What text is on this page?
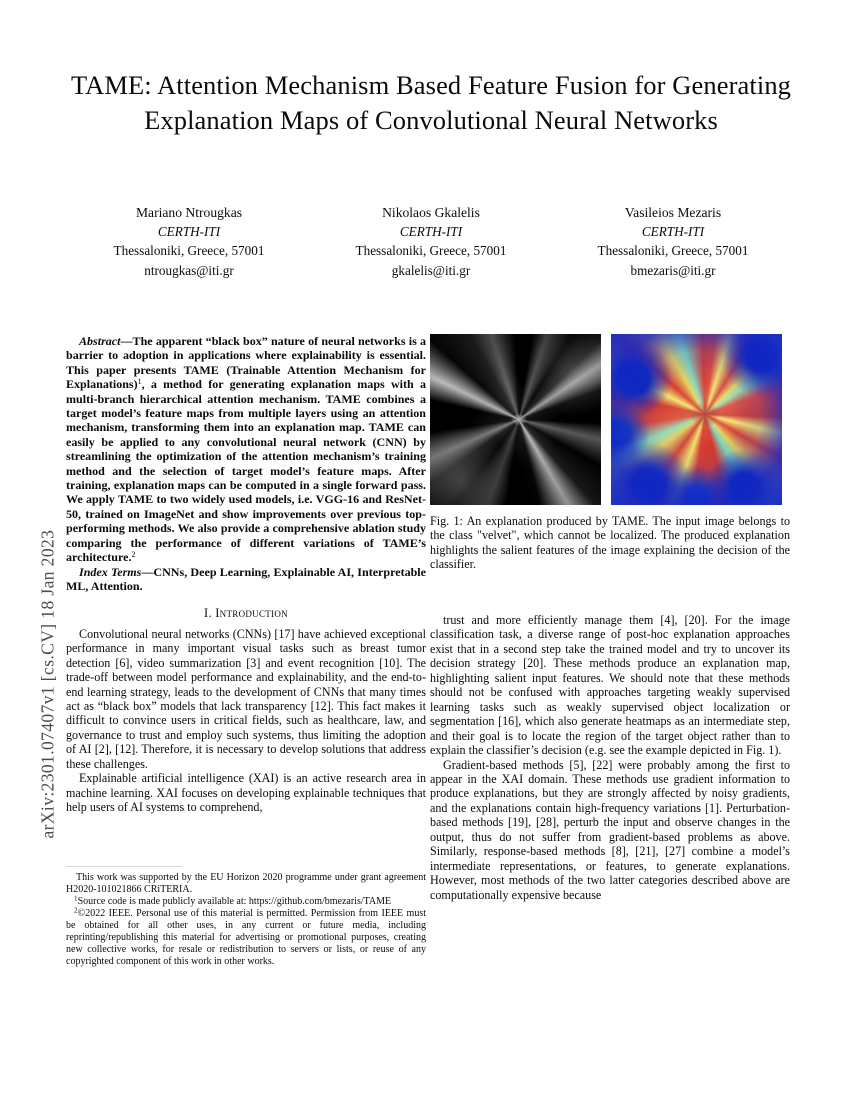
arXiv:2301.07407v1 [cs.CV] 18 Jan 2023
TAME: Attention Mechanism Based Feature Fusion for Generating Explanation Maps of Convolutional Neural Networks
Mariano Ntrougkas
CERTH-ITI
Thessaloniki, Greece, 57001
ntrougkas@iti.gr
Nikolaos Gkalelis
CERTH-ITI
Thessaloniki, Greece, 57001
gkalelis@iti.gr
Vasileios Mezaris
CERTH-ITI
Thessaloniki, Greece, 57001
bmezaris@iti.gr

Abstract—The apparent “black box” nature of neural networks is a barrier to adoption in applications where explainability is essential. This paper presents TAME (Trainable Attention Mechanism for Explanations)$^1$, a method for generating explanation maps with a multi-branch hierarchical attention mechanism. TAME combines a target model’s feature maps from multiple layers using an attention mechanism, transforming them into an explanation map. TAME can easily be applied to any convolutional neural network (CNN) by streamlining the optimization of the attention mechanism’s training method and the selection of target model’s feature maps. After training, explanation maps can be computed in a single forward pass. We apply TAME to two widely used models, i.e. VGG-16 and ResNet-50, trained on ImageNet and show improvements over previous top-performing methods. We also provide a comprehensive ablation study comparing the performance of different variations of TAME’s architecture.$^2$

Index Terms—CNNs, Deep Learning, Explainable AI, Interpretable ML, Attention.

I. Introduction

Convolutional neural networks (CNNs) [17] have achieved exceptional performance in many important visual tasks such as breast tumor detection [6], video summarization [3] and event recognition [10]. The trade-off between model performance and explainability, and the end-to-end learning strategy, leads to the development of CNNs that many times act as “black box” models that lack transparency [12]. This fact makes it difficult to convince users in critical fields, such as healthcare, law, and governance to trust and employ such systems, thus limiting the adoption of AI [2], [12]. Therefore, it is necessary to develop solutions that address these challenges.

Explainable artificial intelligence (XAI) is an active research area in machine learning. XAI focuses on developing explainable techniques that help users of AI systems to comprehend,

Fig. 1: An explanation produced by TAME. The input image belongs to the class "velvet", which cannot be localized. The produced explanation highlights the salient features of the image explaining the decision of the classifier.

trust and more efficiently manage them [4], [20]. For the image classification task, a diverse range of post-hoc explanation approaches exist that in a second step take the trained model and try to uncover its decision strategy [20]. These methods produce an explanation map, highlighting salient input features. We should note that these methods should not be confused with approaches targeting weakly supervised learning tasks such as weakly supervised object localization or segmentation [16], which also generate heatmaps as an intermediate step, and their goal is to locate the region of the target object rather than to explain the classifier’s decision (e.g. see the example depicted in Fig. 1).

Gradient-based methods [5], [22] were probably among the first to appear in the XAI domain. These methods use gradient information to produce explanations, but they are strongly affected by noisy gradients, and the explanations contain high-frequency variations [1]. Perturbation-based methods [19], [28], perturb the input and observe changes in the output, thus do not suffer from gradient-based problems as above. Similarly, response-based methods [8], [21], [27] combine a model’s intermediate representations, or features, to generate explanations. However, most methods of the two latter categories described above are computationally expensive because

This work was supported by the EU Horizon 2020 programme under grant agreement H2020-101021866 CRiTERIA.

$^1$Source code is made publicly available at: https://github.com/bmezaris/TAME

$^2$©2022 IEEE. Personal use of this material is permitted. Permission from IEEE must be obtained for all other uses, in any current or future media, including reprinting/republishing this material for advertising or promotional purposes, creating new collective works, for resale or redistribution to servers or lists, or reuse of any copyrighted component of this work in other works.
